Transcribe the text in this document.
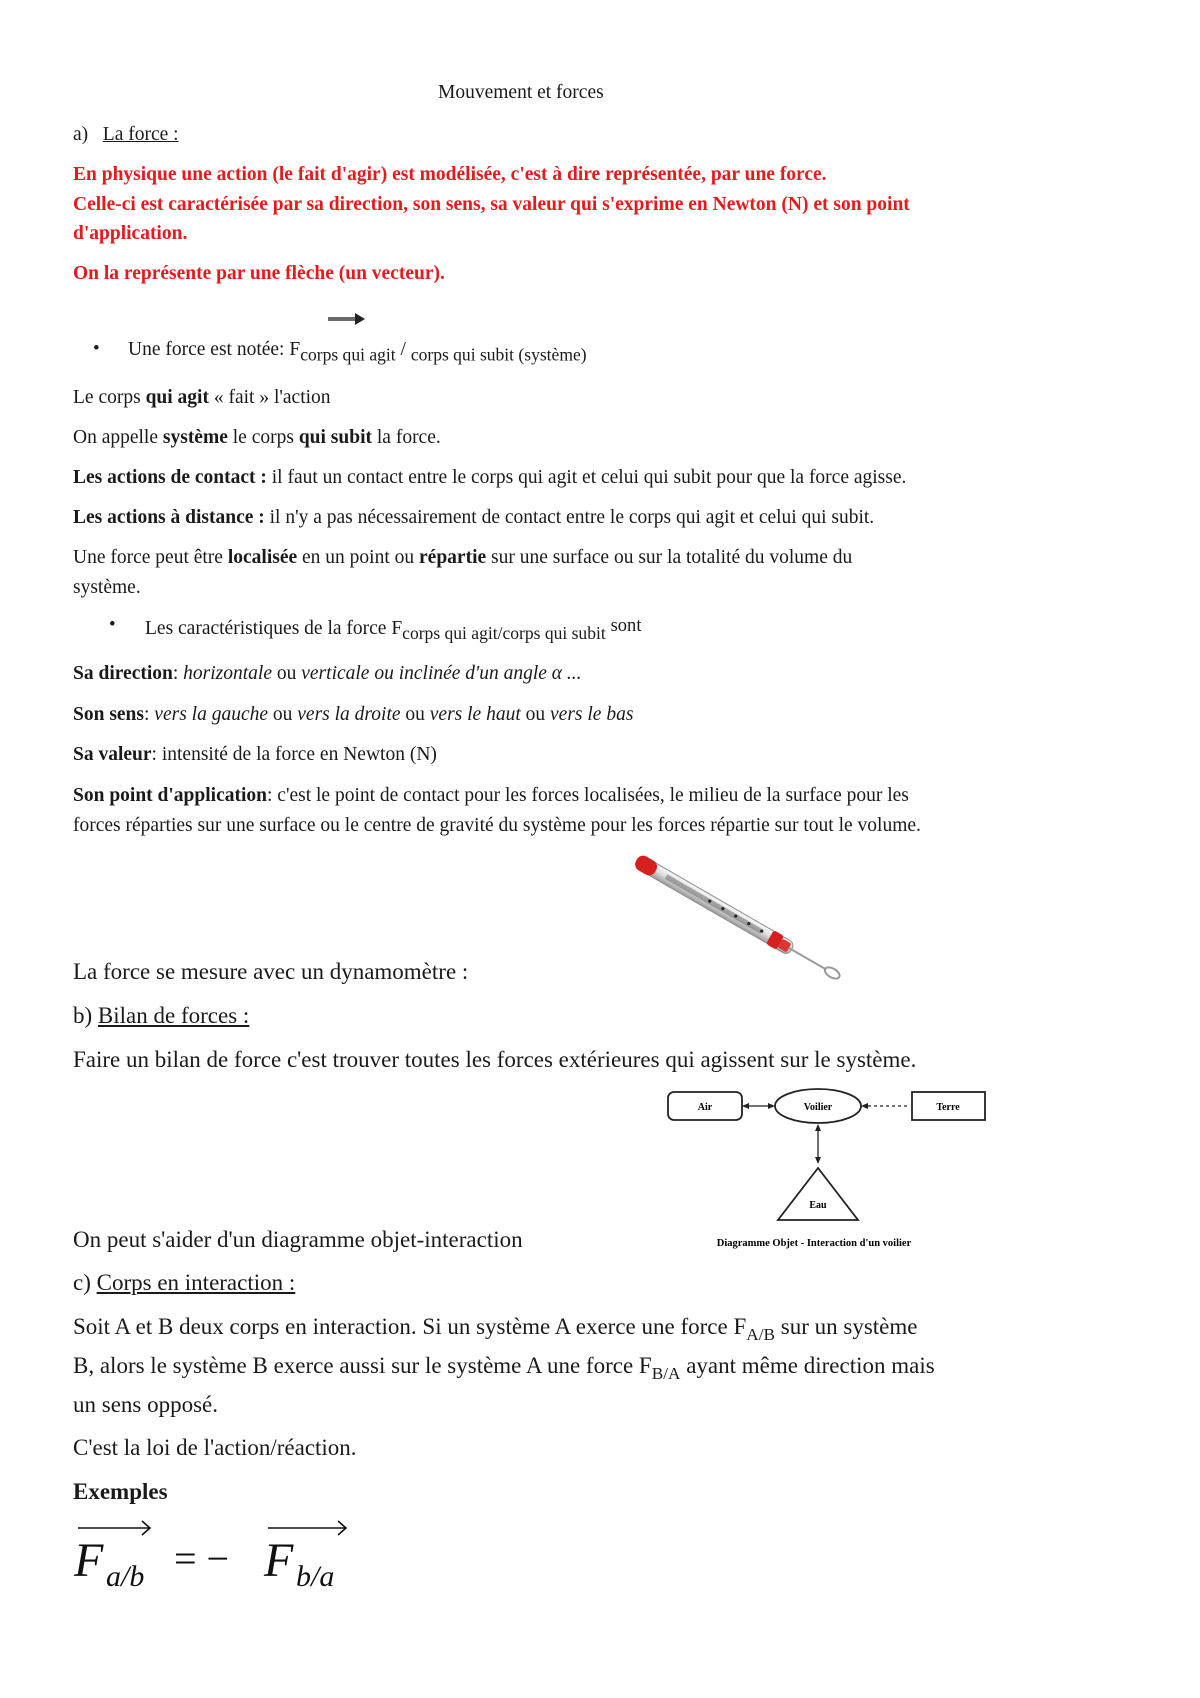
Mouvement et forces
a) La force :
En physique une action (le fait d'agir) est modélisée, c'est à dire représentée, par une force.
Celle-ci est caractérisée par sa direction, son sens, sa valeur qui s'exprime en Newton (N) et son point
d'application.
On la représente par une flèche (un vecteur).
• Une force est notée: Fcorps qui agit / corps qui subit (système)
Le corps qui agit « fait » l'action
On appelle système le corps qui subit la force.
Les actions de contact : il faut un contact entre le corps qui agit et celui qui subit pour que la force agisse.
Les actions à distance : il n'y a pas nécessairement de contact entre le corps qui agit et celui qui subit.
Une force peut être localisée en un point ou répartie sur une surface ou sur la totalité du volume du
système.
• Les caractéristiques de la force Fcorps qui agit/corps qui subit sont
Sa direction: horizontale ou verticale ou inclinée d'un angle α ...
Son sens: vers la gauche ou vers la droite ou vers le haut ou vers le bas
Sa valeur: intensité de la force en Newton (N)
Son point d'application: c'est le point de contact pour les forces localisées, le milieu de la surface pour les
forces réparties sur une surface ou le centre de gravité du système pour les forces répartie sur tout le volume.
La force se mesure avec un dynamomètre :
b) Bilan de forces :
Faire un bilan de force c'est trouver toutes les forces extérieures qui agissent sur le système.
Air	Voilier	Terre
Eau
Diagramme Objet - Interaction d'un voilier
On peut s'aider d'un diagramme objet-interaction
c) Corps en interaction :
Soit A et B deux corps en interaction. Si un système A exerce une force $F_{A/B}$ sur un système
B, alors le système B exerce aussi sur le système A une force $F_{B/A}$ ayant même direction mais
un sens opposé.
C'est la loi de l'action/réaction.
Exemples
F a/b = − F b/a
